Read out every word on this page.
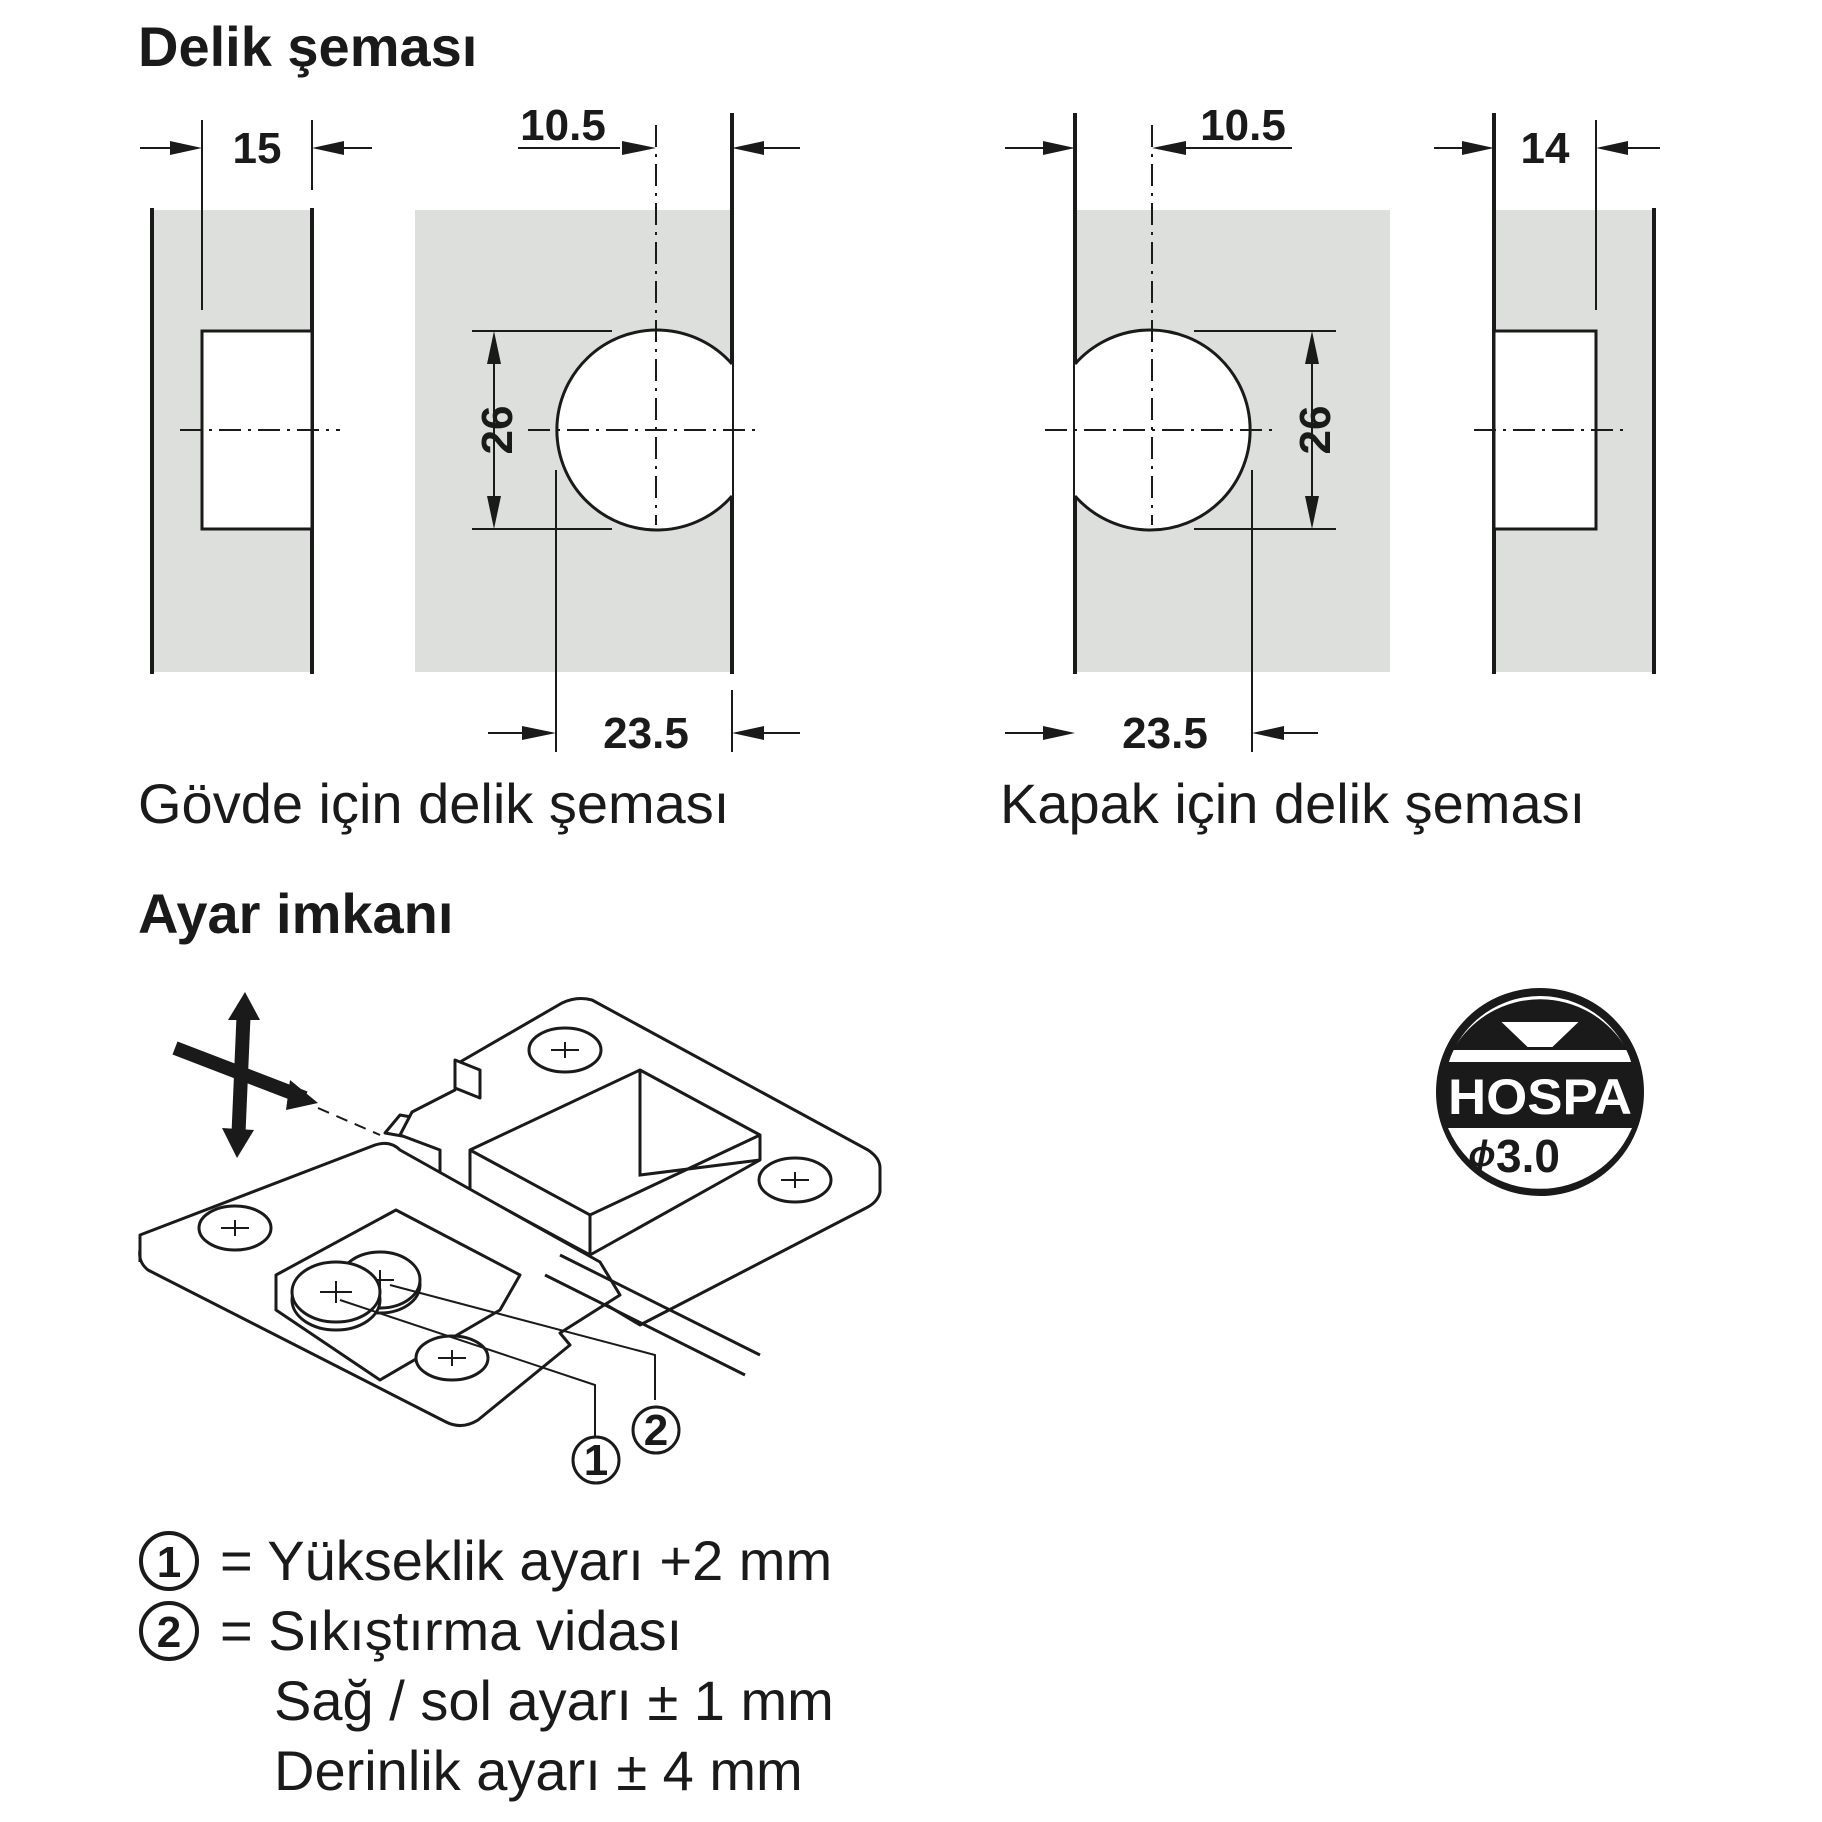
Delik şeması
Ayar imkanı
15	10.5
26
23.5
Gövde için delik şeması
10.5
26
23.5
14
Kapak için delik şeması
1
2
HOSPA
3.0
ϕ
1 = Yükseklik ayarı +2 mm
2 = Sıkıştırma vidası
Sağ / sol ayarı ± 1 mm
Derinlik ayarı ± 4 mm
